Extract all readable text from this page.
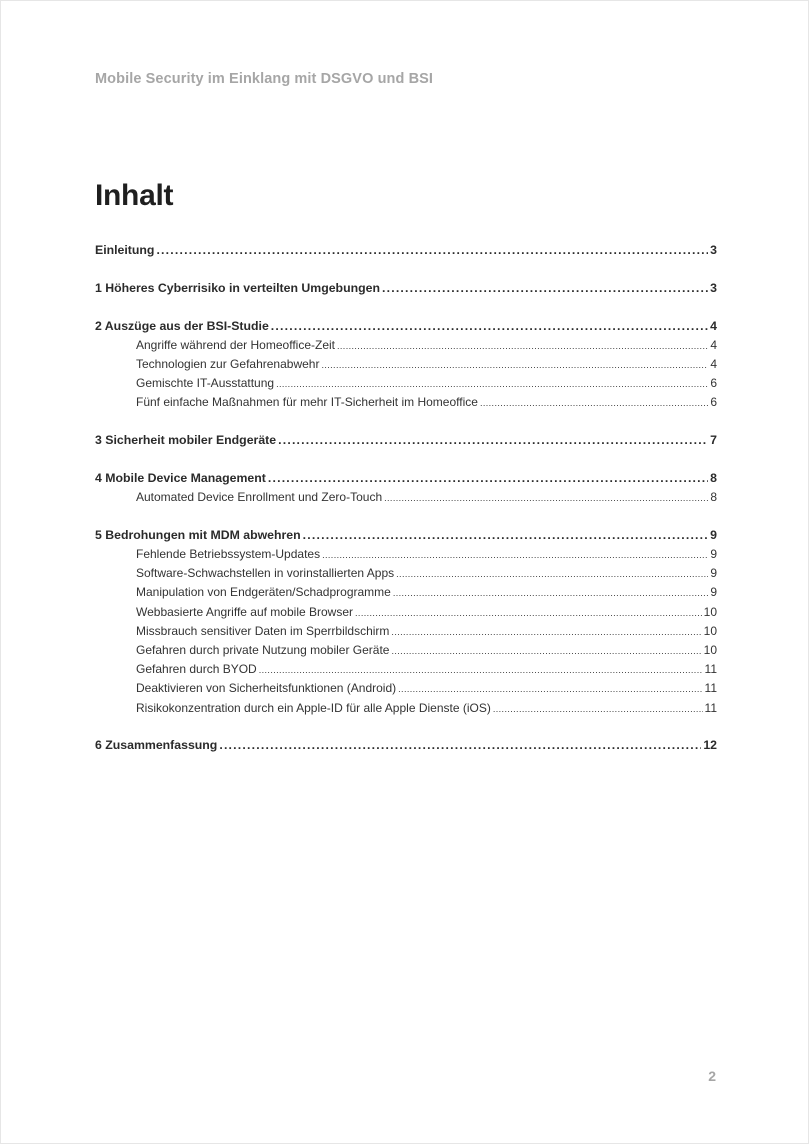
Mobile Security im Einklang mit DSGVO und BSI
Inhalt
Einleitung .....	3
1 Höheres Cyberrisiko in verteilten Umgebungen .....	3
2 Auszüge aus der BSI-Studie .....	4
Angriffe während der Homeoffice-Zeit .....	4
Technologien zur Gefahrenabwehr .....	4
Gemischte IT-Ausstattung .....	6
Fünf einfache Maßnahmen für mehr IT-Sicherheit im Homeoffice .....	6
3 Sicherheit mobiler Endgeräte .....	7
4 Mobile Device Management .....	8
Automated Device Enrollment und Zero-Touch .....	8
5 Bedrohungen mit MDM abwehren .....	9
Fehlende Betriebssystem-Updates .....	9
Software-Schwachstellen in vorinstallierten Apps .....	9
Manipulation von Endgeräten/Schadprogramme .....	9
Webbasierte Angriffe auf mobile Browser .....	10
Missbrauch sensitiver Daten im Sperrbildschirm .....	10
Gefahren durch private Nutzung mobiler Geräte .....	10
Gefahren durch BYOD .....	11
Deaktivieren von Sicherheitsfunktionen (Android) .....	11
Risikokonzentration durch ein Apple-ID für alle Apple Dienste (iOS) .....	11
6 Zusammenfassung .....	12
2
